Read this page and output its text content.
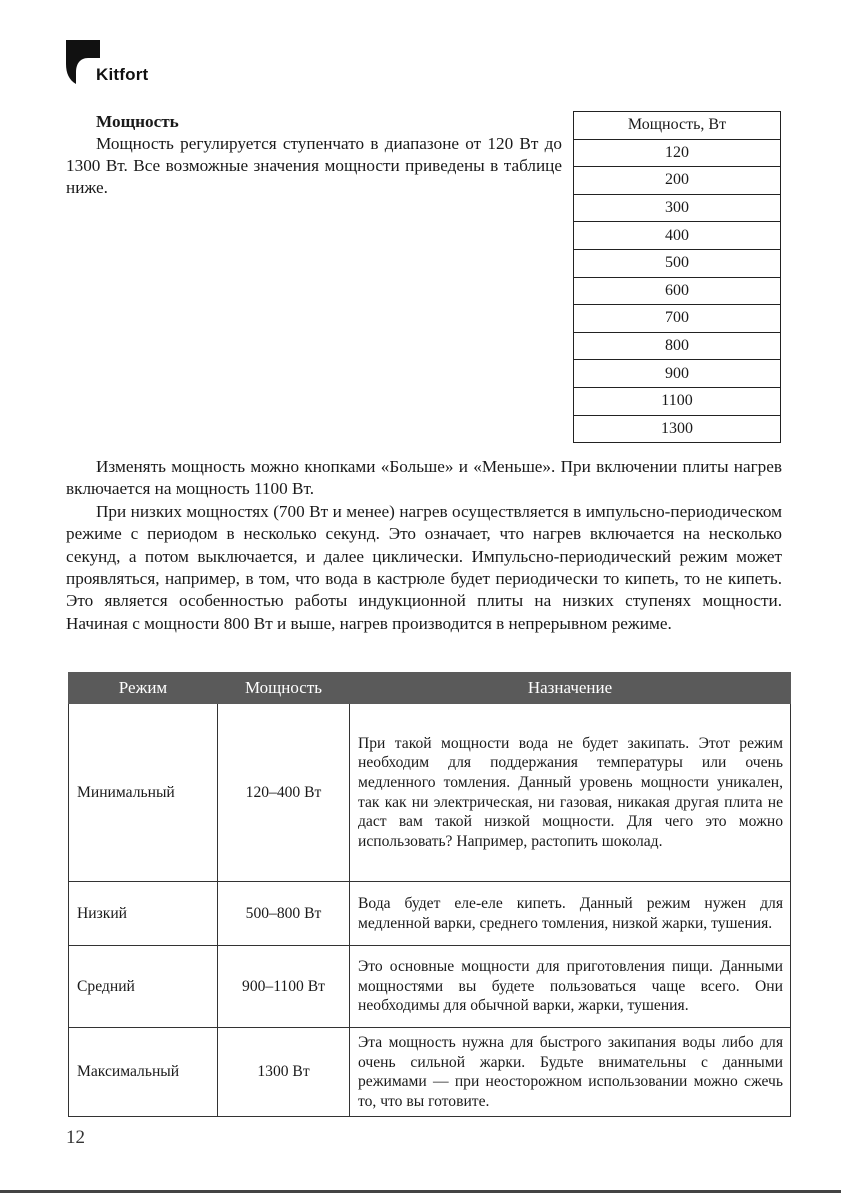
Kitfort
Мощность

Мощность регулируется ступенчато в диапазоне от 120 Вт до 1300 Вт. Все возможные значения мощности приведены в таблице ниже.

Мощность, Вт
120
200
300
400
500
600
700
800
900
1100
1300

Изменять мощность можно кнопками «Больше» и «Меньше». При включении плиты нагрев включается на мощность 1100 Вт.

При низких мощностях (700 Вт и менее) нагрев осуществляется в импульсно-периодическом режиме с периодом в несколько секунд. Это означает, что нагрев включается на несколько секунд, а потом выключается, и далее циклически. Импульсно-периодический режим может проявляться, например, в том, что вода в кастрюле будет периодически то кипеть, то не кипеть. Это является особенностью работы индукционной плиты на низких ступенях мощности. Начиная с мощности 800 Вт и выше, нагрев производится в непрерывном режиме.

Режим	Мощность	Назначение
Минимальный	120–400 Вт	При такой мощности вода не будет закипать. Этот режим необходим для поддержания температуры или очень медленного томления. Данный уровень мощности уникален, так как ни электрическая, ни газовая, никакая другая плита не даст вам такой низкой мощности. Для чего это можно использовать? Например, растопить шоколад.
Низкий	500–800 Вт	Вода будет еле-еле кипеть. Данный режим нужен для медленной варки, среднего томления, низкой жарки, тушения.
Средний	900–1100 Вт	Это основные мощности для приготовления пищи. Данными мощностями вы будете пользоваться чаще всего. Они необходимы для обычной варки, жарки, тушения.
Максимальный	1300 Вт	Эта мощность нужна для быстрого закипания воды либо для очень сильной жарки. Будьте внимательны с данными режимами — при неосторожном использовании можно сжечь то, что вы готовите.
12
